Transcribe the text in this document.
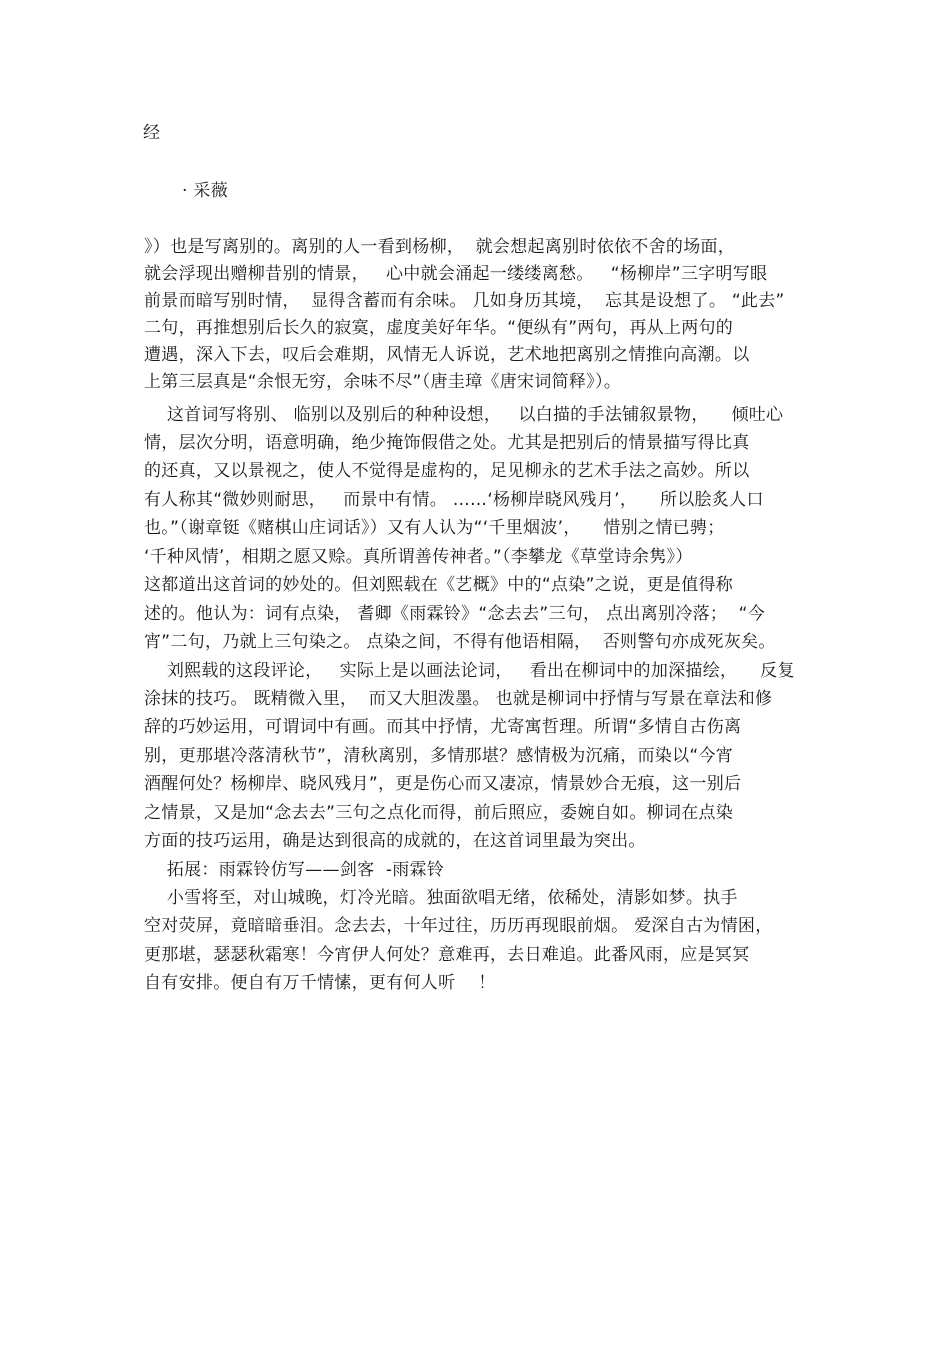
经
· 采薇
》）也是写离别的。离别的人一看到杨柳，  就会想起离别时依依不舍的场面，
就会浮现出赠柳昔别的情景，   心中就会涌起一缕缕离愁。   “杨柳岸”三字明写眼
前景而暗写别时情，  显得含蓄而有余味。 几如身历其境，  忘其是设想了。 “此去”
二句，再推想别后长久的寂寞，虚度美好年华。“便纵有”两句，再从上两句的
遭遇，深入下去，叹后会难期，风情无人诉说，艺术地把离别之情推向高潮。以
上第三层真是“余恨无穷，余味不尽”（唐圭璋《唐宋词简释》）。
这首词写将别、 临别以及别后的种种设想，   以白描的手法铺叙景物，    倾吐心
情，层次分明，语意明确，绝少掩饰假借之处。尤其是把别后的情景描写得比真
的还真，又以景视之，使人不觉得是虚构的，足见柳永的艺术手法之高妙。所以
有人称其“微妙则耐思，   而景中有情。 ……‘杨柳岸晓风残月’，    所以脍炙人口
也。”（谢章铤《赌棋山庄词话》）又有人认为“‘千里烟波’，    惜别之情已骋；
‘千种风情’，相期之愿又赊。真所谓善传神者。”（李攀龙《草堂诗余隽》）
这都道出这首词的妙处的。但刘熙载在《艺概》中的“点染”之说，更是值得称
述的。他认为：词有点染， 耆卿《雨霖铃》“念去去”三句， 点出离别冷落；  “今
宵”二句，乃就上三句染之。 点染之间，不得有他语相隔，  否则警句亦成死灰矣。
刘熙载的这段评论，   实际上是以画法论词，   看出在柳词中的加深描绘，    反复
涂抹的技巧。 既精微入里，  而又大胆泼墨。 也就是柳词中抒情与写景在章法和修
辞的巧妙运用，可谓词中有画。而其中抒情，尤寄寓哲理。所谓“多情自古伤离
别，更那堪冷落清秋节”，清秋离别，多情那堪？感情极为沉痛，而染以“今宵
酒醒何处？杨柳岸、晓风残月”，更是伤心而又凄凉，情景妙合无痕，这一别后
之情景，又是加“念去去”三句之点化而得，前后照应，委婉自如。柳词在点染
方面的技巧运用，确是达到很高的成就的，在这首词里最为突出。
拓展：雨霖铃仿写——剑客  -雨霖铃
小雪将至，对山城晚，灯冷光暗。独面欲唱无绪，依稀处，清影如梦。执手
空对荧屏，竟暗暗垂泪。念去去，十年过往，历历再现眼前烟。 爱深自古为情困，
更那堪，瑟瑟秋霜寒！今宵伊人何处？意难再，去日难追。此番风雨，应是冥冥
自有安排。便自有万千情愫，更有何人听    ！
